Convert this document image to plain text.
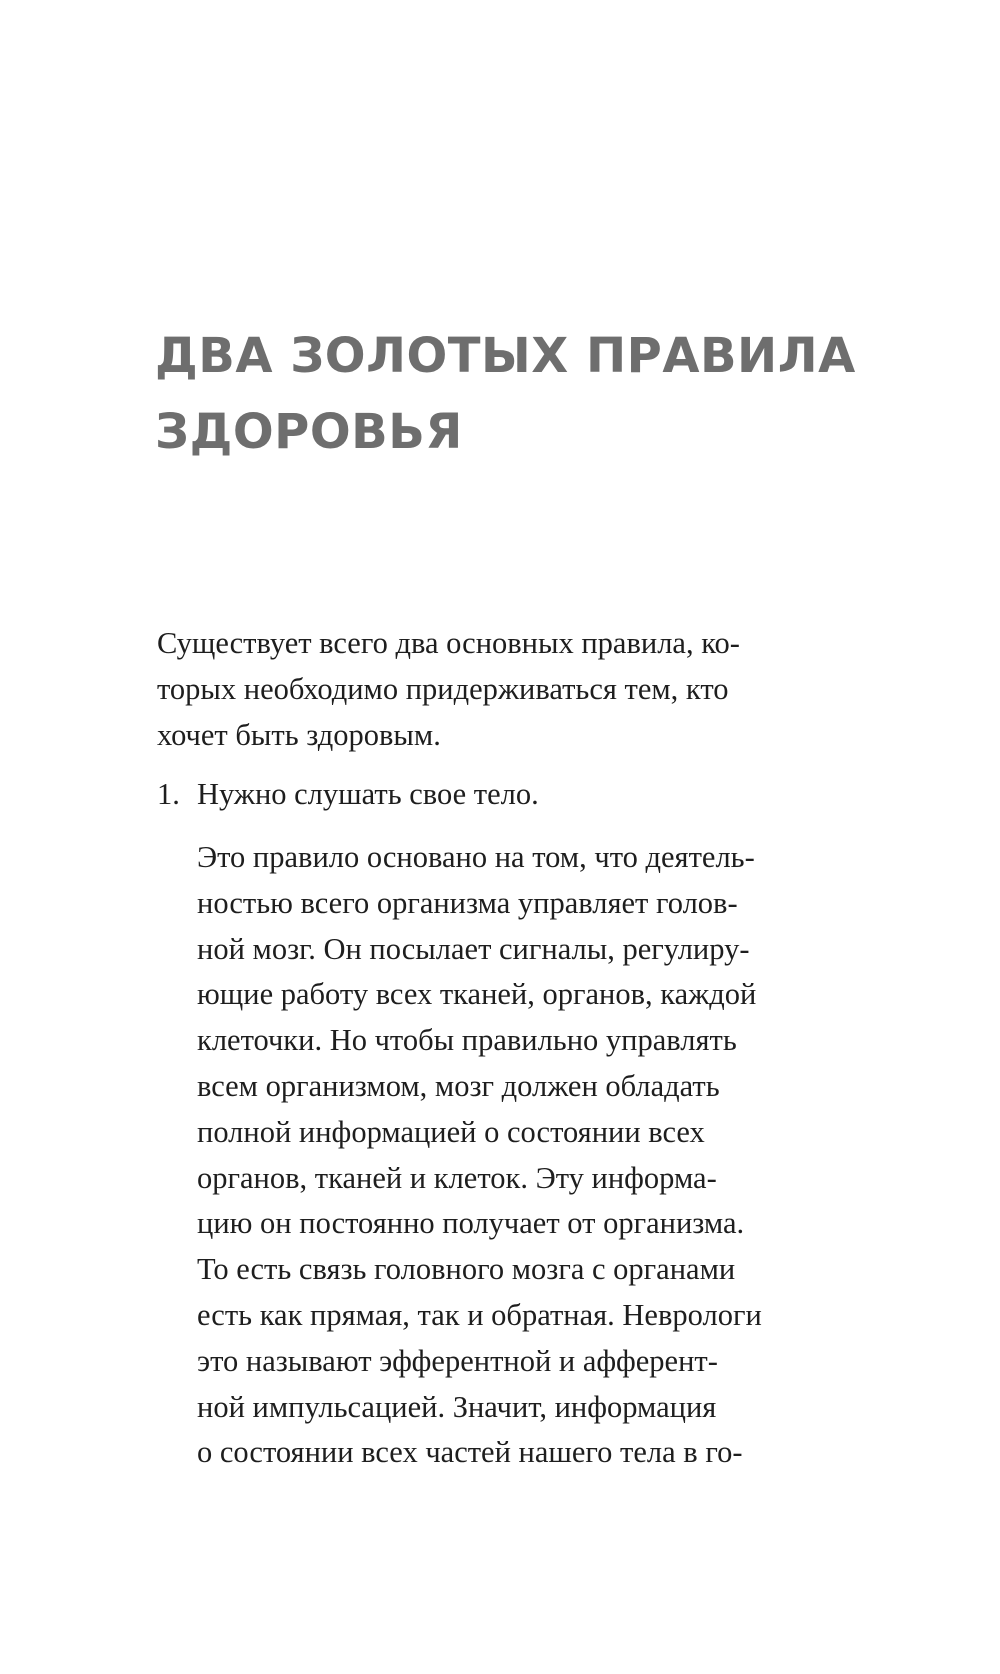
ДВА ЗОЛОТЫХ ПРАВИЛА
ЗДОРОВЬЯ
Существует всего два основных правила, ко-
торых необходимо придерживаться тем, кто
хочет быть здоровым.
1. Нужно слушать свое тело.
Это правило основано на том, что деятель-
ностью всего организма управляет голов-
ной мозг. Он посылает сигналы, регулиру-
ющие работу всех тканей, органов, каждой
клеточки. Но чтобы правильно управлять
всем организмом, мозг должен обладать
полной информацией о состоянии всех
органов, тканей и клеток. Эту информа-
цию он постоянно получает от организма.
То есть связь головного мозга с органами
есть как прямая, так и обратная. Неврологи
это называют эфферентной и афферент-
ной импульсацией. Значит, информация
о состоянии всех частей нашего тела в го-
